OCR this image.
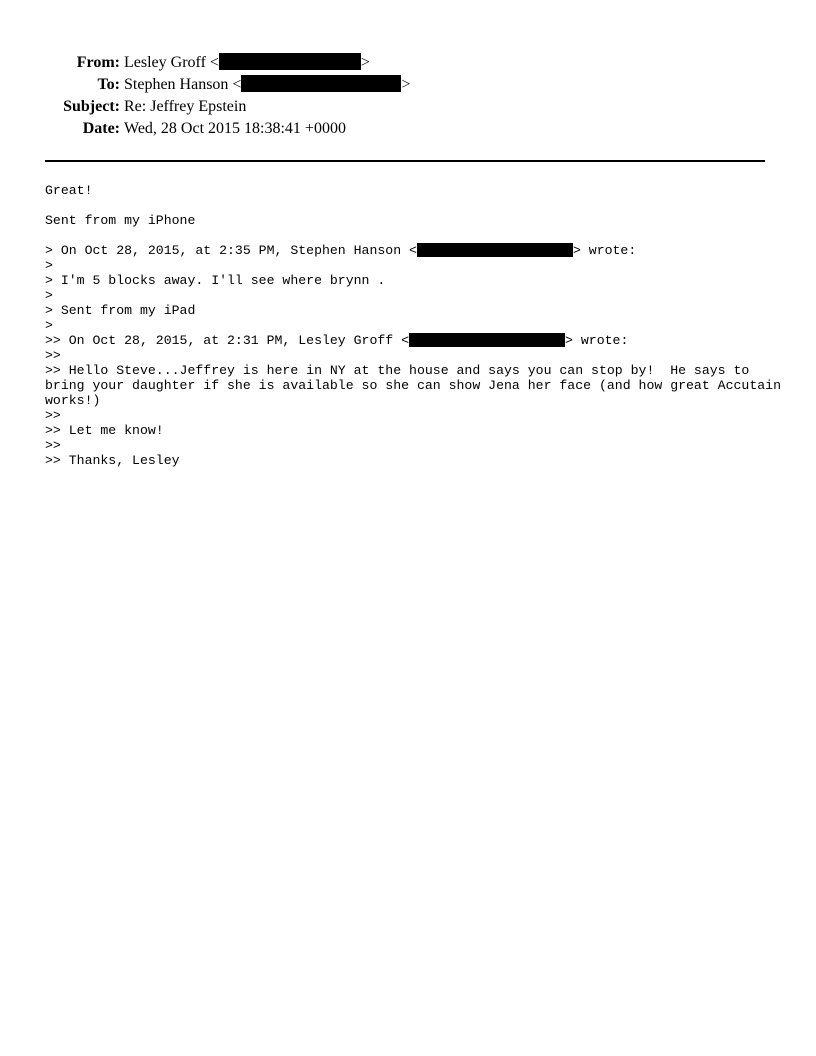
From: Lesley Groff <	>
To: Stephen Hanson <	>
Subject: Re: Jeffrey Epstein
Date: Wed, 28 Oct 2015 18:38:41 +0000
Great!
Sent from my iPhone
> On Oct 28, 2015, at 2:35 PM, Stephen Hanson <	> wrote:
>
> I'm 5 blocks away. I'll see where brynn .
>
> Sent from my iPad
>
>> On Oct 28, 2015, at 2:31 PM, Lesley Groff <	> wrote:
>>
>> Hello Steve...Jeffrey is here in NY at the house and says you can stop by!  He says to
bring your daughter if she is available so she can show Jena her face (and how great Accutain
works!)
>>
>> Let me know!
>>
>> Thanks, Lesley
